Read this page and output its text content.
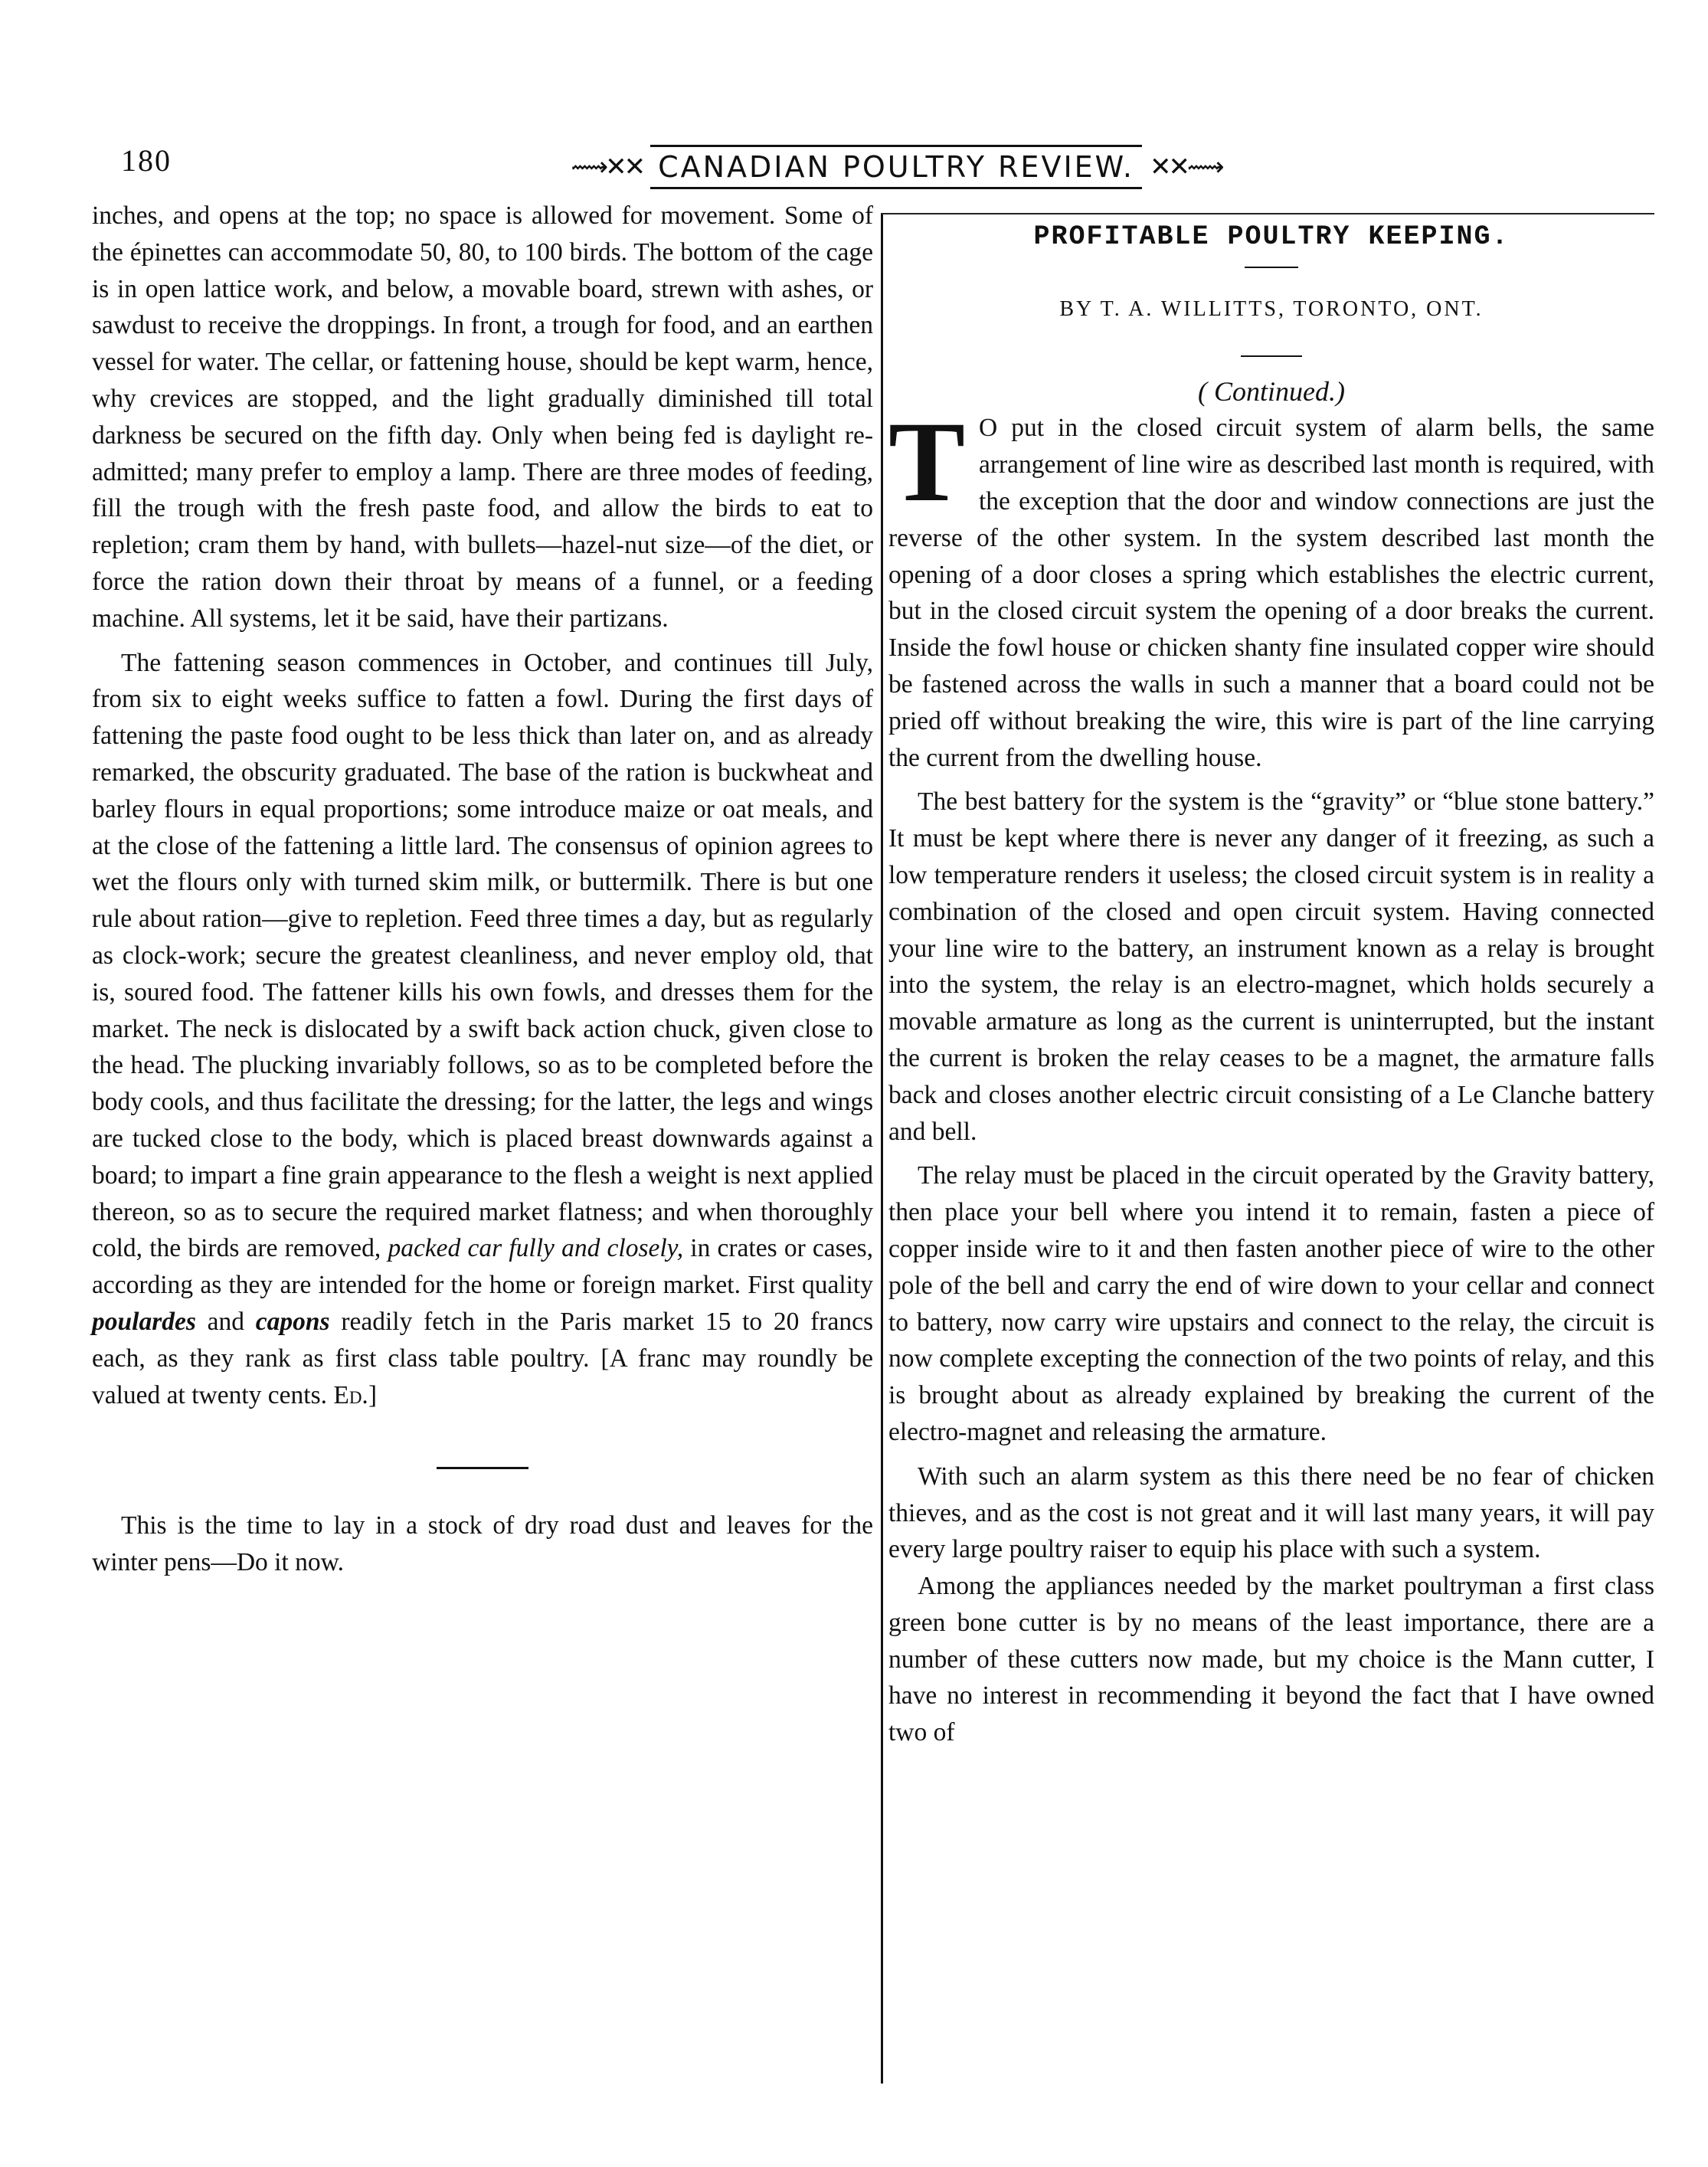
180	⟿✕✕ CANADIAN POULTRY REVIEW. ✕✕⟿

inches, and opens at the top; no space is allowed for movement. Some of the épinettes can accommodate 50, 80, to 100 birds. The bottom of the cage is in open lattice work, and below, a movable board, strewn with ashes, or sawdust to receive the droppings. In front, a trough for food, and an earthen vessel for water. The cellar, or fattening house, should be kept warm, hence, why crevices are stopped, and the light gradually diminished till total darkness be secured on the fifth day. Only when being fed is daylight re-admitted; many prefer to employ a lamp. There are three modes of feeding, fill the trough with the fresh paste food, and allow the birds to eat to repletion; cram them by hand, with bullets—hazel-nut size—of the diet, or force the ration down their throat by means of a funnel, or a feeding machine. All systems, let it be said, have their partizans.

The fattening season commences in October, and continues till July, from six to eight weeks suffice to fatten a fowl. During the first days of fattening the paste food ought to be less thick than later on, and as already remarked, the obscurity graduated. The base of the ration is buckwheat and barley flours in equal proportions; some introduce maize or oat meals, and at the close of the fattening a little lard. The consensus of opinion agrees to wet the flours only with turned skim milk, or buttermilk. There is but one rule about ration—give to repletion. Feed three times a day, but as regularly as clock-work; secure the greatest cleanliness, and never employ old, that is, soured food. The fattener kills his own fowls, and dresses them for the market. The neck is dislocated by a swift back action chuck, given close to the head. The plucking invariably follows, so as to be completed before the body cools, and thus facilitate the dressing; for the latter, the legs and wings are tucked close to the body, which is placed breast downwards against a board; to impart a fine grain appearance to the flesh a weight is next applied thereon, so as to secure the required market flatness; and when thoroughly cold, the birds are removed, packed car fully and closely, in crates or cases, according as they are intended for the home or foreign market. First quality poulardes and capons readily fetch in the Paris market 15 to 20 francs each, as they rank as first class table poultry. [A franc may roundly be valued at twenty cents. Ed.]

This is the time to lay in a stock of dry road dust and leaves for the winter pens—Do it now.

PROFITABLE POULTRY KEEPING.

BY T. A. WILLITTS, TORONTO, ONT.

( Continued.)

T O put in the closed circuit system of alarm bells, the same arrangement of line wire as described last month is required, with the exception that the door and window connections are just the reverse of the other system. In the system described last month the opening of a door closes a spring which establishes the electric current, but in the closed circuit system the opening of a door breaks the current. Inside the fowl house or chicken shanty fine insulated copper wire should be fastened across the walls in such a manner that a board could not be pried off without breaking the wire, this wire is part of the line carrying the current from the dwelling house.

The best battery for the system is the “gravity” or “blue stone battery.” It must be kept where there is never any danger of it freezing, as such a low temperature renders it useless; the closed circuit system is in reality a combination of the closed and open circuit system. Having connected your line wire to the battery, an instrument known as a relay is brought into the system, the relay is an electro-magnet, which holds securely a movable armature as long as the current is uninterrupted, but the instant the current is broken the relay ceases to be a magnet, the armature falls back and closes another electric circuit consisting of a Le Clanche battery and bell.

The relay must be placed in the circuit operated by the Gravity battery, then place your bell where you intend it to remain, fasten a piece of copper inside wire to it and then fasten another piece of wire to the other pole of the bell and carry the end of wire down to your cellar and connect to battery, now carry wire upstairs and connect to the relay, the circuit is now complete excepting the connection of the two points of relay, and this is brought about as already explained by breaking the current of the electro-magnet and releasing the armature.

With such an alarm system as this there need be no fear of chicken thieves, and as the cost is not great and it will last many years, it will pay every large poultry raiser to equip his place with such a system.

Among the appliances needed by the market poultryman a first class green bone cutter is by no means of the least importance, there are a number of these cutters now made, but my choice is the Mann cutter, I have no interest in recommending it beyond the fact that I have owned two of
